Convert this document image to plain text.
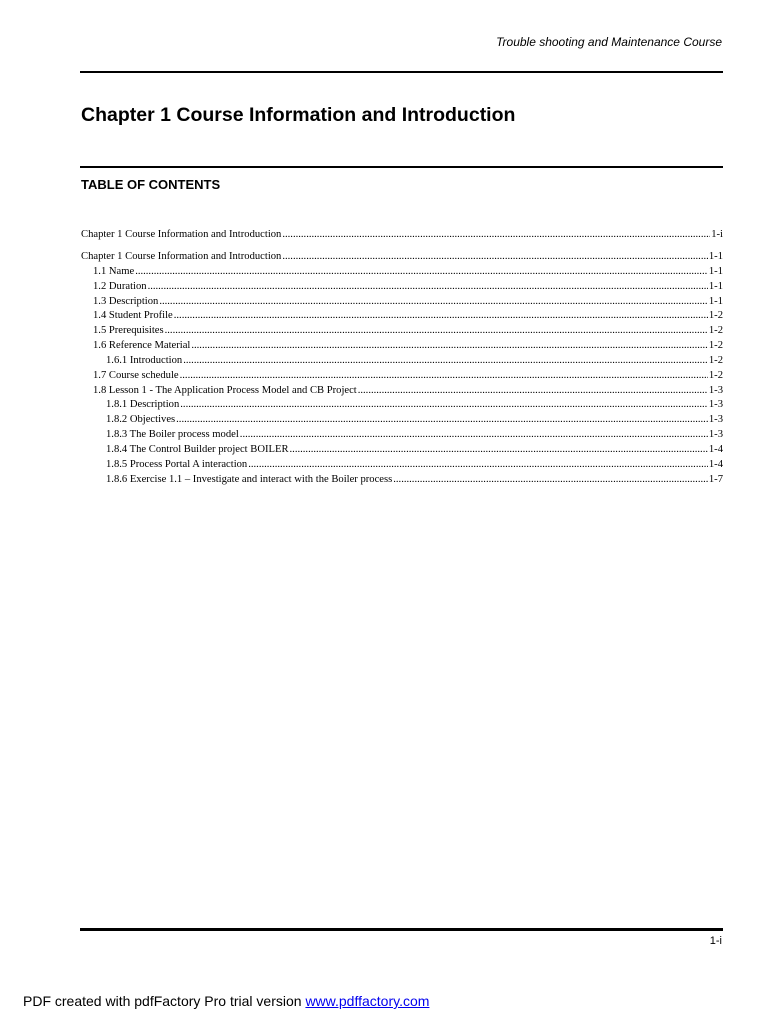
Trouble shooting and Maintenance Course
Chapter 1 Course Information and Introduction
TABLE OF CONTENTS
Chapter 1 Course Information and Introduction .....	1-i
Chapter 1 Course Information and Introduction .....	1-1
1.1 Name .....	1-1
1.2 Duration .....	1-1
1.3 Description .....	1-1
1.4 Student Profile .....	1-2
1.5 Prerequisites .....	1-2
1.6 Reference Material .....	1-2
1.6.1 Introduction .....	1-2
1.7 Course schedule .....	1-2
1.8 Lesson 1 - The Application Process Model and CB Project .....	1-3
1.8.1 Description .....	1-3
1.8.2 Objectives .....	1-3
1.8.3 The Boiler process model .....	1-3
1.8.4 The Control Builder project BOILER .....	1-4
1.8.5 Process Portal A interaction .....	1-4
1.8.6 Exercise 1.1 – Investigate and interact with the Boiler process .....	1-7
1-i
PDF created with pdfFactory Pro trial version www.pdffactory.com
